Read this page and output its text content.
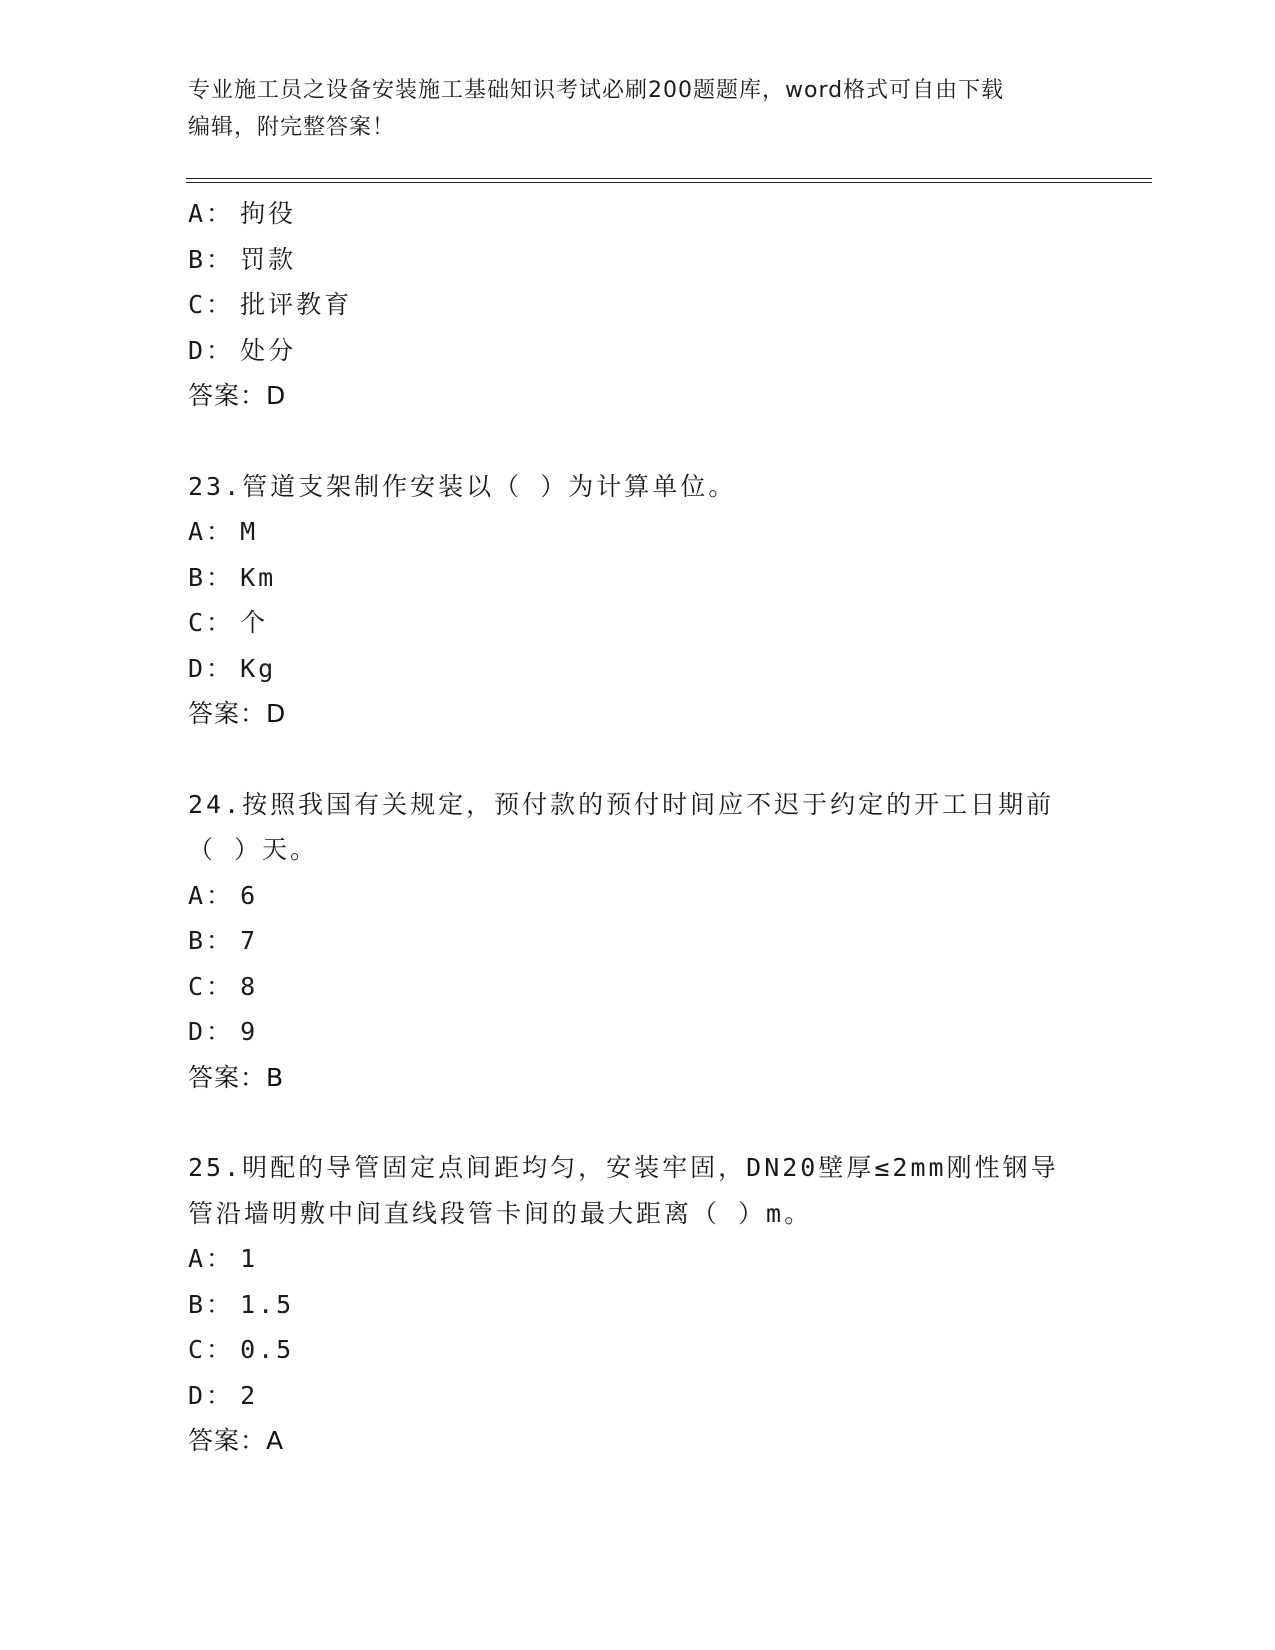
专业施工员之设备安装施工基础知识考试必刷200题题库，word格式可自由下载
编辑，附完整答案！
A： 拘役
B： 罚款
C： 批评教育
D： 处分
答案：D
23.管道支架制作安装以（ ）为计算单位。
A： M
B： Km
C： 个
D： Kg
答案：D
24.按照我国有关规定，预付款的预付时间应不迟于约定的开工日期前
（ ）天。
A： 6
B： 7
C： 8
D： 9
答案：B
25.明配的导管固定点间距均匀，安装牢固，DN20壁厚≤2mm刚性钢导
管沿墙明敷中间直线段管卡间的最大距离（ ）m。
A： 1
B： 1.5
C： 0.5
D： 2
答案：A
